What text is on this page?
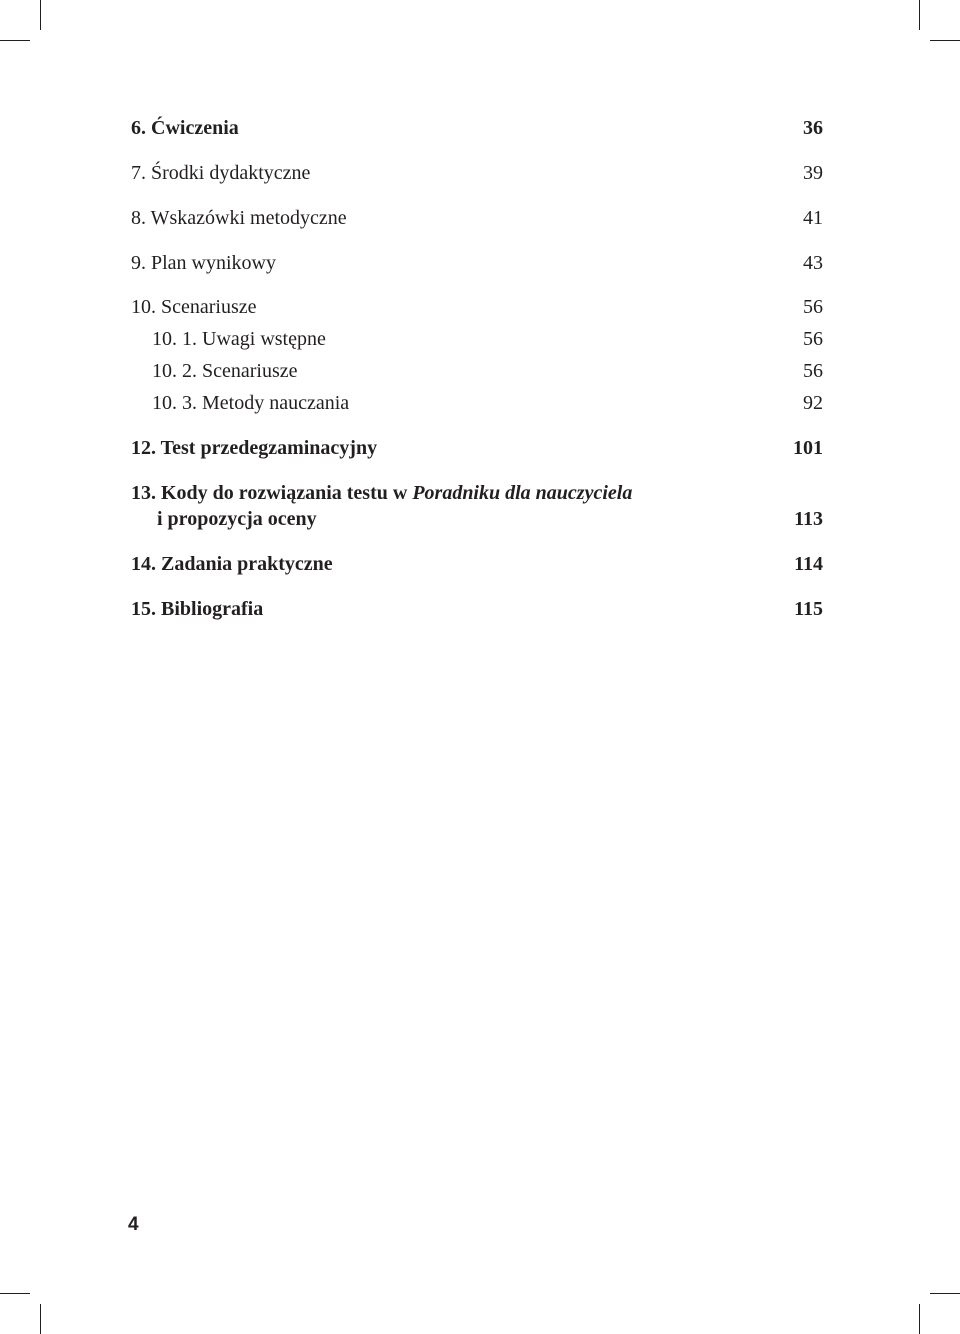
6. Ćwiczenia	36
7. Środki dydaktyczne	39
8. Wskazówki metodyczne	41
9. Plan wynikowy	43
10. Scenariusze	56
10. 1. Uwagi wstępne	56
10. 2. Scenariusze	56
10. 3. Metody nauczania	92
12. Test przedegzaminacyjny	101
13. Kody do rozwiązania testu w Poradniku dla nauczyciela
i propozycja oceny	113
14. Zadania praktyczne	114
15. Bibliografia	115
4
